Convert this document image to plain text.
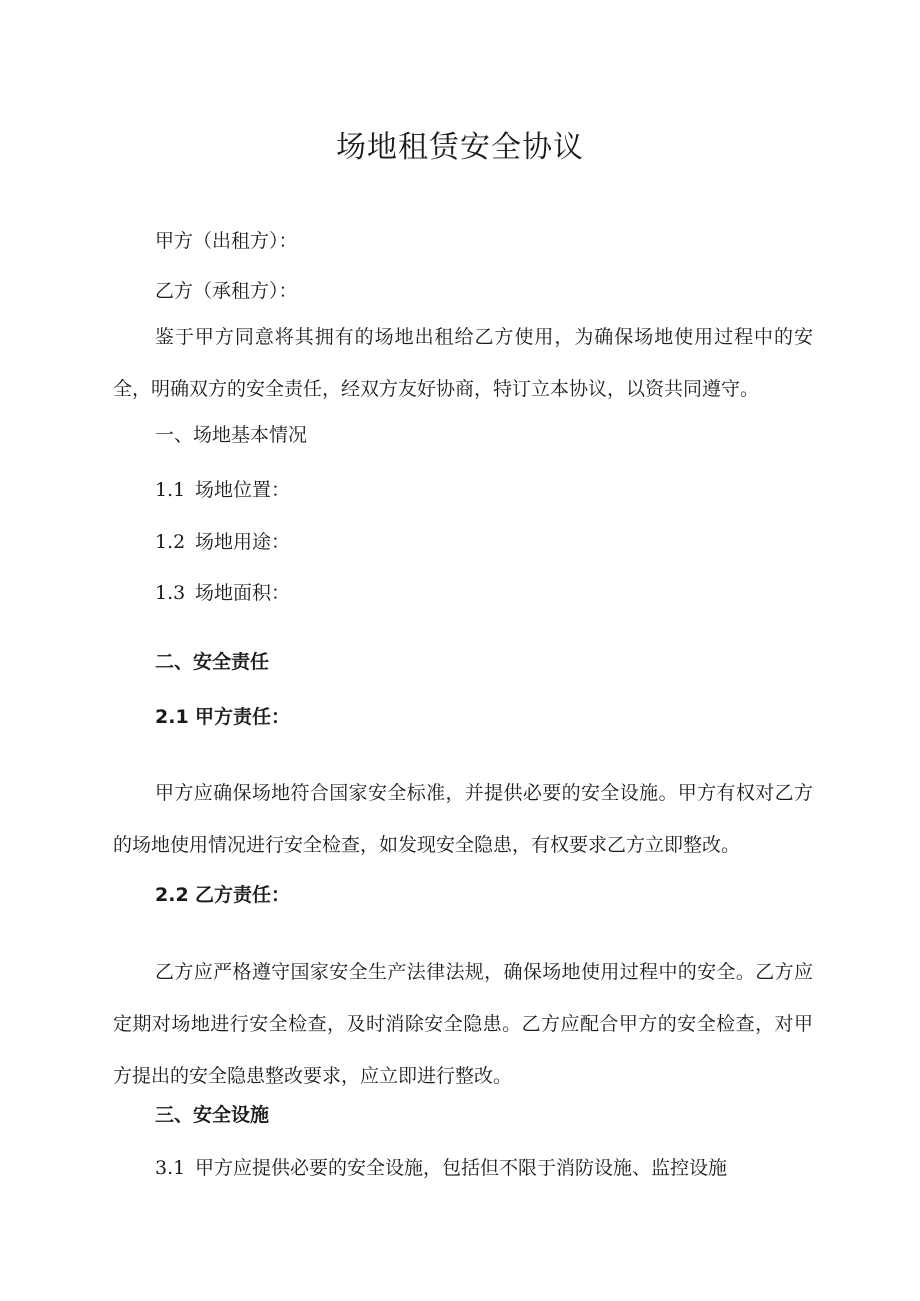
场地租赁安全协议

甲方（出租方）：

乙方（承租方）：

鉴于甲方同意将其拥有的场地出租给乙方使用，为确保场地使用过程中的安全，明确双方的安全责任，经双方友好协商，特订立本协议，以资共同遵守。

一、场地基本情况

1.1 场地位置：

1.2 场地用途：

1.3 场地面积：

二、安全责任

2.1 甲方责任：

甲方应确保场地符合国家安全标准，并提供必要的安全设施。甲方有权对乙方的场地使用情况进行安全检查，如发现安全隐患，有权要求乙方立即整改。

2.2 乙方责任：

乙方应严格遵守国家安全生产法律法规，确保场地使用过程中的安全。乙方应定期对场地进行安全检查，及时消除安全隐患。乙方应配合甲方的安全检查，对甲方提出的安全隐患整改要求，应立即进行整改。

三、安全设施

3.1 甲方应提供必要的安全设施，包括但不限于消防设施、监控设施
